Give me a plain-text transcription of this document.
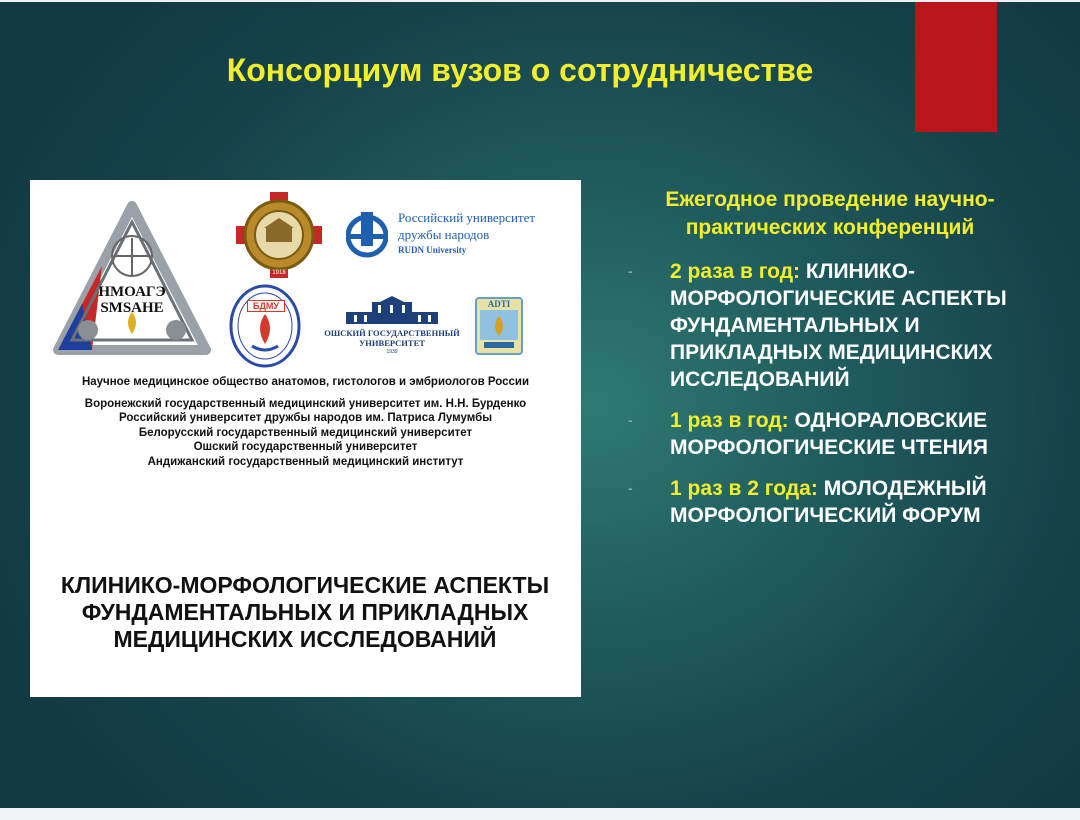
Консорциум вузов о сотрудничестве
НМОАГЭ SMSAHE
1918
Российский университет
дружбы народов
RUDN University
БДМУ
ОШСКИЙ ГОСУДАРСТВЕННЫЙ
УНИВЕРСИТЕТ
1939
ADTI
Научное медицинское общество анатомов, гистологов и эмбриологов России
Воронежский государственный медицинский университет им. Н.Н. Бурденко
Российский университет дружбы народов им. Патриса Лумумбы
Белорусский государственный медицинский университет
Ошский государственный университет
Андижанский государственный медицинский институт
КЛИНИКО-МОРФОЛОГИЧЕСКИЕ АСПЕКТЫ ФУНДАМЕНТАЛЬНЫХ И ПРИКЛАДНЫХ МЕДИЦИНСКИХ ИССЛЕДОВАНИЙ
Ежегодное проведение научно-практических конференций
- 2 раза в год: КЛИНИКО-МОРФОЛОГИЧЕСКИЕ АСПЕКТЫ ФУНДАМЕНТАЛЬНЫХ И ПРИКЛАДНЫХ МЕДИЦИНСКИХ ИССЛЕДОВАНИЙ
- 1 раз в год: ОДНОРАЛОВСКИЕ МОРФОЛОГИЧЕСКИЕ ЧТЕНИЯ
- 1 раз в 2 года: МОЛОДЕЖНЫЙ МОРФОЛОГИЧЕСКИЙ ФОРУМ
